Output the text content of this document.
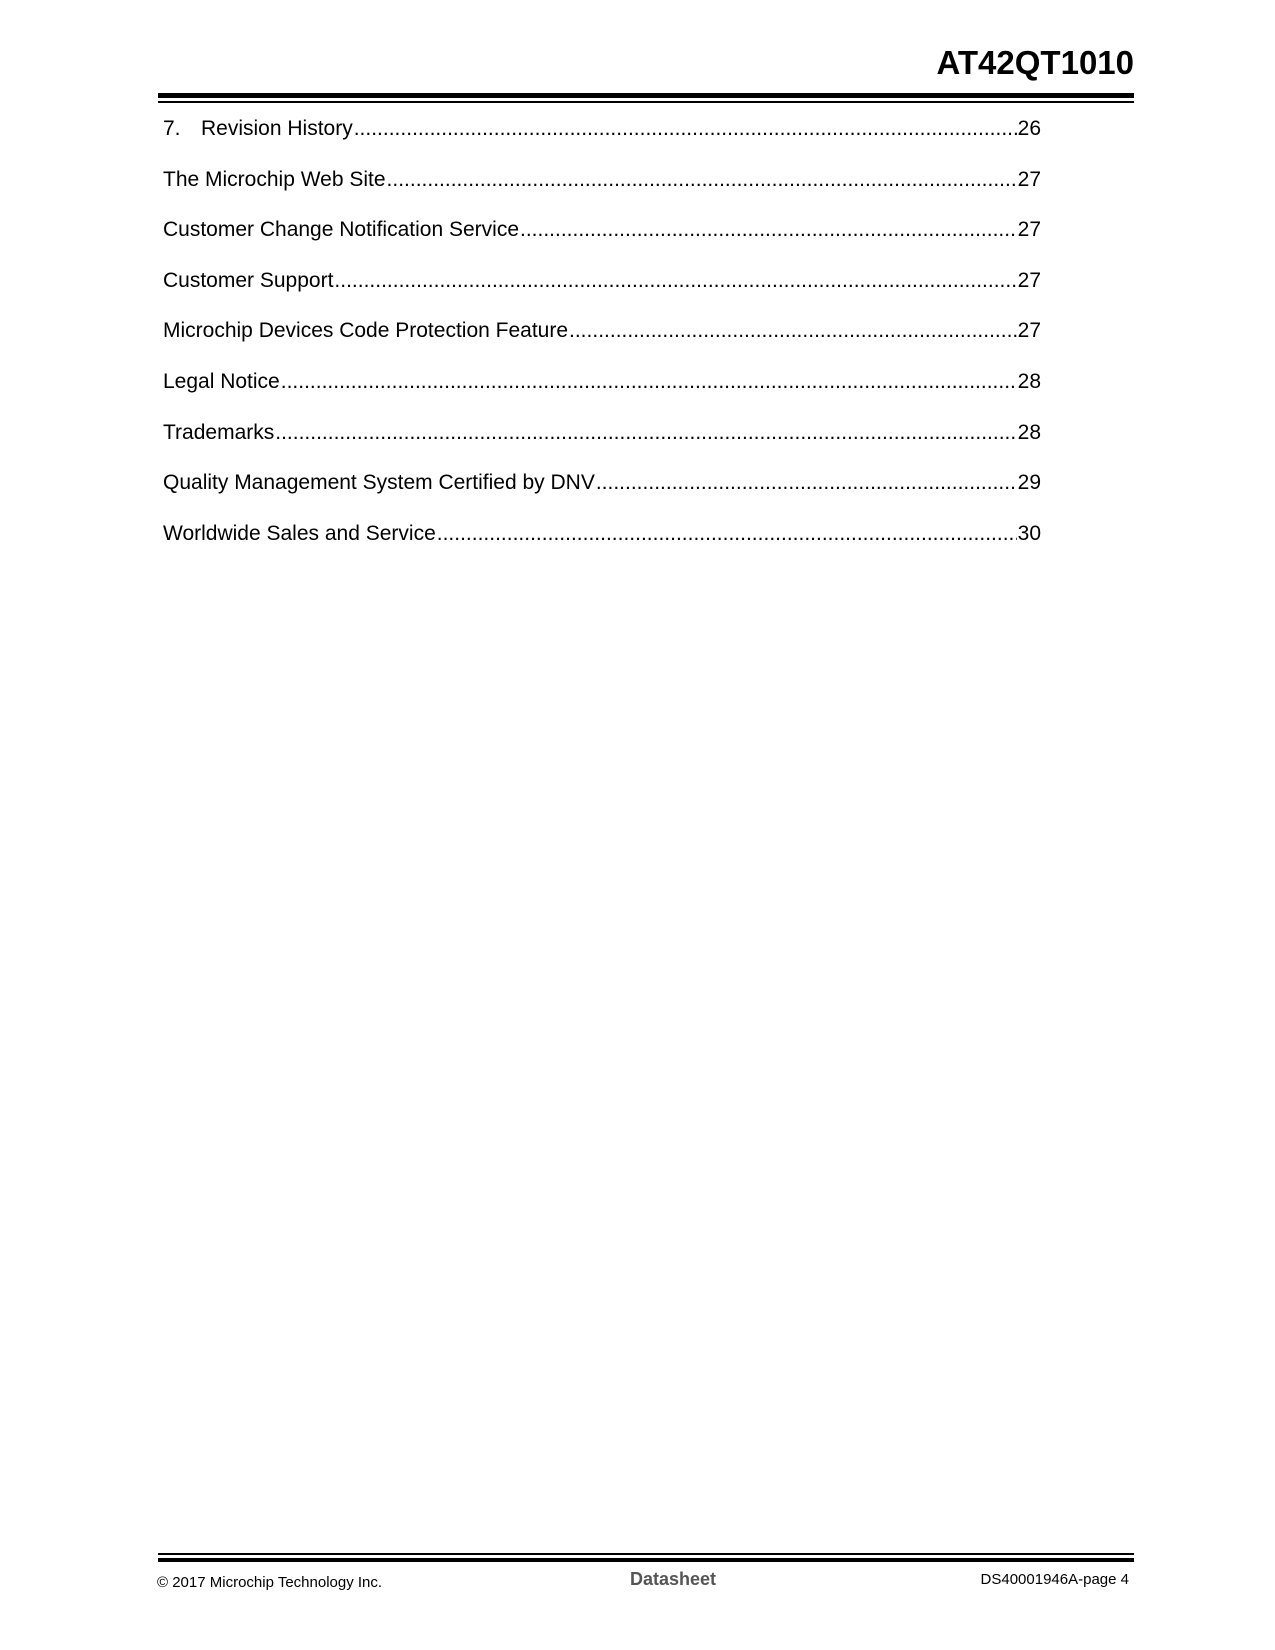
AT42QT1010
7. Revision History .....	26
The Microchip Web Site .....	27
Customer Change Notification Service .....	27
Customer Support .....	27
Microchip Devices Code Protection Feature .....	27
Legal Notice .....	28
Trademarks .....	28
Quality Management System Certified by DNV .....	29
Worldwide Sales and Service .....	30
© 2017 Microchip Technology Inc.	Datasheet	DS40001946A-page 4
